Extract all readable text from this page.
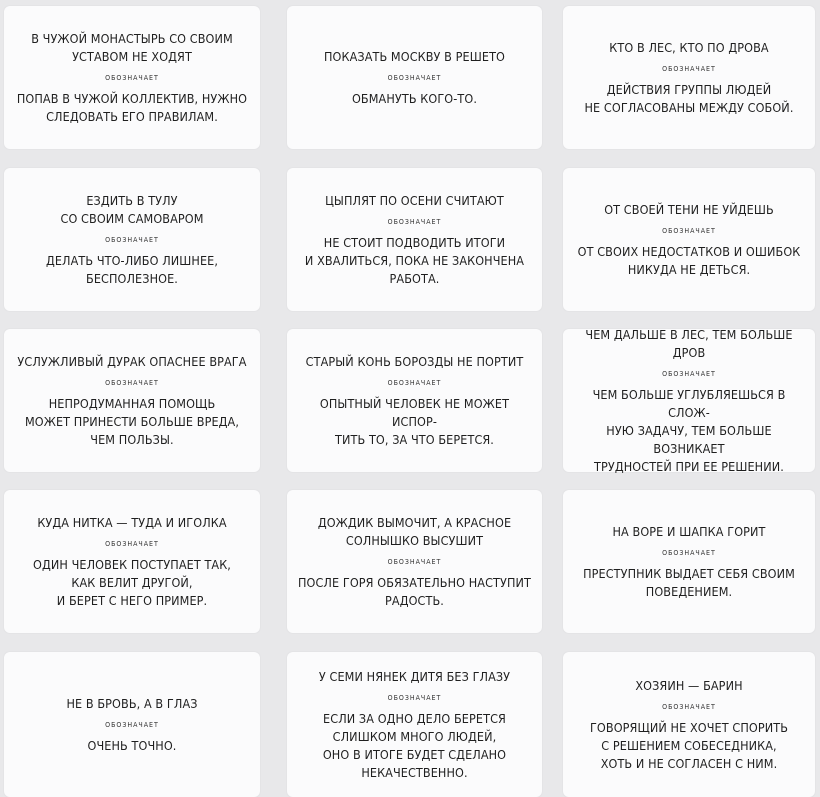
В ЧУЖОЙ МОНАСТЫРЬ СО СВОИМ
УСТАВОМ НЕ ХОДЯТ
ОБОЗНАЧАЕТ
ПОПАВ В ЧУЖОЙ КОЛЛЕКТИВ, НУЖНО
СЛЕДОВАТЬ ЕГО ПРАВИЛАМ.
ПОКАЗАТЬ МОСКВУ В РЕШЕТО
ОБОЗНАЧАЕТ
ОБМАНУТЬ КОГО-ТО.
КТО В ЛЕС, КТО ПО ДРОВА
ОБОЗНАЧАЕТ
ДЕЙСТВИЯ ГРУППЫ ЛЮДЕЙ
НЕ СОГЛАСОВАНЫ МЕЖДУ СОБОЙ.
ЕЗДИТЬ В ТУЛУ
СО СВОИМ САМОВАРОМ
ОБОЗНАЧАЕТ
ДЕЛАТЬ ЧТО-ЛИБО ЛИШНЕЕ,
БЕСПОЛЕЗНОЕ.
ЦЫПЛЯТ ПО ОСЕНИ СЧИТАЮТ
ОБОЗНАЧАЕТ
НЕ СТОИТ ПОДВОДИТЬ ИТОГИ
И ХВАЛИТЬСЯ, ПОКА НЕ ЗАКОНЧЕНА
РАБОТА.
ОТ СВОЕЙ ТЕНИ НЕ УЙДЕШЬ
ОБОЗНАЧАЕТ
ОТ СВОИХ НЕДОСТАТКОВ И ОШИБОК
НИКУДА НЕ ДЕТЬСЯ.
УСЛУЖЛИВЫЙ ДУРАК ОПАСНЕЕ ВРАГА
ОБОЗНАЧАЕТ
НЕПРОДУМАННАЯ ПОМОЩЬ
МОЖЕТ ПРИНЕСТИ БОЛЬШЕ ВРЕДА,
ЧЕМ ПОЛЬЗЫ.
СТАРЫЙ КОНЬ БОРОЗДЫ НЕ ПОРТИТ
ОБОЗНАЧАЕТ
ОПЫТНЫЙ ЧЕЛОВЕК НЕ МОЖЕТ ИСПОР-
ТИТЬ ТО, ЗА ЧТО БЕРЕТСЯ.
ЧЕМ ДАЛЬШЕ В ЛЕС, ТЕМ БОЛЬШЕ
ДРОВ
ОБОЗНАЧАЕТ
ЧЕМ БОЛЬШЕ УГЛУБЛЯЕШЬСЯ В СЛОЖ-
НУЮ ЗАДАЧУ, ТЕМ БОЛЬШЕ ВОЗНИКАЕТ
ТРУДНОСТЕЙ ПРИ ЕЕ РЕШЕНИИ.
КУДА НИТКА — ТУДА И ИГОЛКА
ОБОЗНАЧАЕТ
ОДИН ЧЕЛОВЕК ПОСТУПАЕТ ТАК,
КАК ВЕЛИТ ДРУГОЙ,
И БЕРЕТ С НЕГО ПРИМЕР.
ДОЖДИК ВЫМОЧИТ, А КРАСНОЕ
СОЛНЫШКО ВЫСУШИТ
ОБОЗНАЧАЕТ
ПОСЛЕ ГОРЯ ОБЯЗАТЕЛЬНО НАСТУПИТ
РАДОСТЬ.
НА ВОРЕ И ШАПКА ГОРИТ
ОБОЗНАЧАЕТ
ПРЕСТУПНИК ВЫДАЕТ СЕБЯ СВОИМ
ПОВЕДЕНИЕМ.
НЕ В БРОВЬ, А В ГЛАЗ
ОБОЗНАЧАЕТ
ОЧЕНЬ ТОЧНО.
У СЕМИ НЯНЕК ДИТЯ БЕЗ ГЛАЗУ
ОБОЗНАЧАЕТ
ЕСЛИ ЗА ОДНО ДЕЛО БЕРЕТСЯ
СЛИШКОМ МНОГО ЛЮДЕЙ,
ОНО В ИТОГЕ БУДЕТ СДЕЛАНО
НЕКАЧЕСТВЕННО.
ХОЗЯИН — БАРИН
ОБОЗНАЧАЕТ
ГОВОРЯЩИЙ НЕ ХОЧЕТ СПОРИТЬ
С РЕШЕНИЕМ СОБЕСЕДНИКА,
ХОТЬ И НЕ СОГЛАСЕН С НИМ.
